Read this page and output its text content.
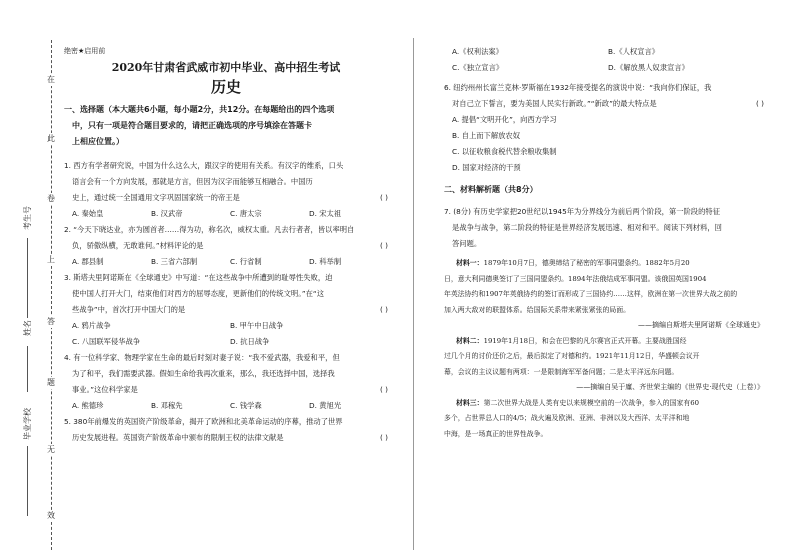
在
此
卷
上
答
题
无
效
考生号
姓名
毕业学校
绝密★启用前
2020年甘肃省武威市初中毕业、高中招生考试
历史
一、选择题（本大题共6小题，每小题2分，共12分。在每题给出的四个选项
中，只有一项是符合题目要求的，请把正确选项的序号填涂在答题卡
上相应位置。）
1. 西方有学者研究说，中国为什么这么大，跟汉字的使用有关系。有汉字的维系，口头
语言会有一个方向发展，那就是方言，但因为汉字而能够互相融合。中国历
史上，通过统一全国通用文字巩固国家统一的帝王是	( )
A. 秦始皇	B. 汉武帝	C. 唐太宗	D. 宋太祖
2. “今天下晓达业，亦为圆首者……得为功，称名次，威权太重。凡去行者者，皆以率明自
负，骄傲纵横，无敢谁何。”材料评论的是	( )
A. 郡县制	B. 三省六部制	C. 行省制	D. 科举制
3. 斯塔夫里阿诺斯在《全球通史》中写道：“在这些战争中所遭到的耻辱性失败，迫
使中国人打开大门，结束他们对西方的屈辱态度，更新他们的传统文明。”在“这
些战争”中，首次打开中国大门的是	( )
A. 鸦片战争	B. 甲午中日战争
C. 八国联军侵华战争	D. 抗日战争
4. 有一位科学家、物理学家在生命的最后时刻对妻子说：“我不爱武器，我爱和平，但
为了和平，我们需要武器。假如生命给我再次重来，那么，我还选择中国，选择我
事业。”这位科学家是	( )
A. 熊德珍	B. 邓稼先	C. 钱学森	D. 黄旭光
5. 380年前爆发的英国资产阶级革命，揭开了欧洲和北美革命运动的序幕，推动了世界
历史发展进程。英国资产阶级革命中颁布的限制王权的法律文献是	( )
A.《权利法案》	B.《人权宣言》
C.《独立宣言》	D.《解放黑人奴隶宣言》
6. 纽约州州长富兰克林·罗斯福在1932年接受提名的演说中说：“我向你们保证，我
对自己立下誓言，要为美国人民实行新政。”“新政”的最大特点是	( )
A. 提倡“文明开化”，向西方学习
B. 自上而下解放农奴
C. 以征收粮食税代替余粮收集制
D. 国家对经济的干预
二、材料解析题（共8分）
7. (8分) 有历史学家把20世纪以1945年为分界线分为前后两个阶段，第一阶段的特征
是战争与战争，第二阶段的特征是世界经济发展迅速、相对和平。阅读下列材料，回
答问题。
材料一：1879年10月7日，德奥缔结了秘密的军事同盟条约。1882年5月20
日，意大利同德奥签订了三国同盟条约。1894年法俄结成军事同盟。该俄国英国1904
年英法协约和1907年英俄协约的签订而形成了三国协约……这样，欧洲在第一次世界大战之前的
加入两大敌对的联盟体系。给国际关系带来紧张紧张的局面。
——摘编自斯塔夫里阿诺斯《全球通史》
材料二：1919年1月18日，和会在巴黎的凡尔赛宫正式开幕。主要战胜国经
过几个月的讨价还价之后，最后拟定了对德和约。1921年11月12日，华盛顿会议开
幕，会议的主议议题有两项：一是限制海军军备问题；二是太平洋远东问题。
——摘编自吴于廑、齐世荣主编的《世界史·现代史（上卷）》
材料三：第二次世界大战是人类有史以来规模空前的一次战争，参入的国家有60
多个，占世界总人口的4/5；战火遍及欧洲、亚洲、非洲以及大西洋、太平洋和地
中海，是一场真正的世界性战争。
